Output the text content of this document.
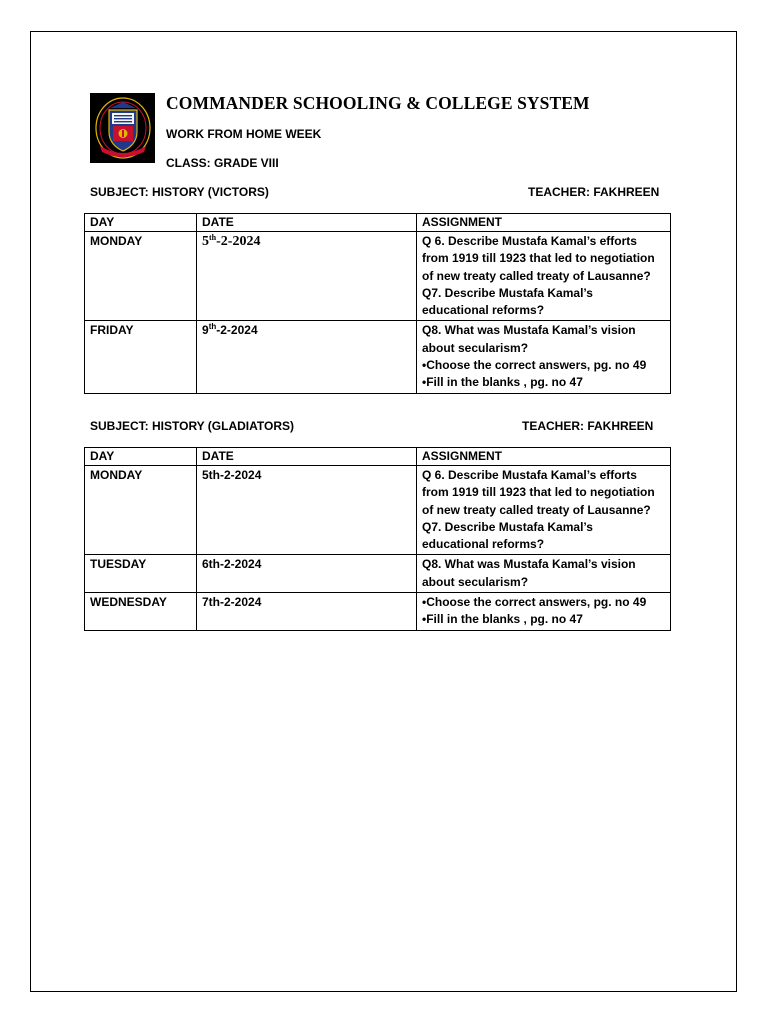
COMMANDER SCHOOLING & COLLEGE SYSTEM
WORK FROM HOME WEEK
CLASS: GRADE VIII
SUBJECT: HISTORY (VICTORS)	TEACHER: FAKHREEN
DAY	DATE	ASSIGNMENT
MONDAY	5th-2-2024	Q 6. Describe Mustafa Kamal’s efforts
from 1919 till 1923 that led to negotiation
of new treaty called treaty of Lausanne?
Q7. Describe Mustafa Kamal’s
educational reforms?

FRIDAY	9th-2-2024	Q8. What was Mustafa Kamal’s vision
about secularism?
•Choose the correct answers, pg. no 49
•Fill in the blanks , pg. no 47
SUBJECT: HISTORY (GLADIATORS)	TEACHER: FAKHREEN
DAY	DATE	ASSIGNMENT
MONDAY	5th-2-2024	Q 6. Describe Mustafa Kamal’s efforts
from 1919 till 1923 that led to negotiation
of new treaty called treaty of Lausanne?
Q7. Describe Mustafa Kamal’s
educational reforms?

TUESDAY	6th-2-2024	Q8. What was Mustafa Kamal’s vision
about secularism?

WEDNESDAY	7th-2-2024	•Choose the correct answers, pg. no 49
•Fill in the blanks , pg. no 47
